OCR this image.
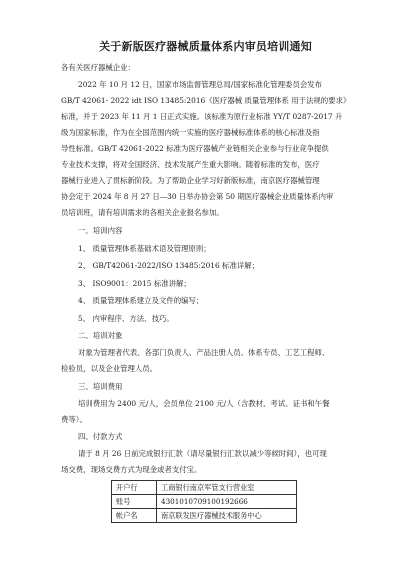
关于新版医疗器械质量体系内审员培训通知
各有关医疗器械企业：
2022 年 10 月 12 日，国家市场监督管理总局/国家标准化管理委员会发布
GB/T 42061- 2022 idt ISO 13485:2016《医疗器械 质量管理体系 用于法规的要求》
标准，并于 2023 年 11 月 1 日正式实施。该标准为原行业标准 YY/T 0287-2017 升
级为国家标准，作为在全国范围内统一实施的医疗器械标准体系的核心标准及指
导性标准。GB/T 42061-2022 标准为医疗器械产业链相关企业参与行业竞争提供
专业技术支撑，将对全国经济、技术发展产生重大影响。随着标准的发布，医疗
器械行业进入了贯标新阶段。为了帮助企业学习好新版标准，南京医疗器械管理
协会定于 2024 年 8 月 27 日—30 日举办协会第 50 期医疗器械企业质量体系内审
员培训班，请有培训需求的各相关企业报名参加。
一、培训内容
1、 质量管理体系基础术语及管理原则；
2、 GB/T42061-2022/ISO 13485:2016 标准详解；
3、 ISO9001：2015 标准讲解；
4、 质量管理体系建立及文件的编写；
5、 内审程序、方法、技巧。
二、培训对象
对象为管理者代表、各部门负责人、产品注册人员、体系专员、工艺工程师、
检验员，以及企业管理人员。
三、培训费用
培训费用为 2400 元/人，会员单位 2100 元/人（含教材、考试、证书和午餐
费等）。
四、付款方式
请于 8 月 26 日前完成银行汇款（请尽量银行汇款以减少等候时间），也可现
场交费，现场交费方式为现金或者支付宝。
开户行	工商银行南京军管支行营业室
账号	4301010709100192666
帐户名	南京联发医疗器械技术服务中心
